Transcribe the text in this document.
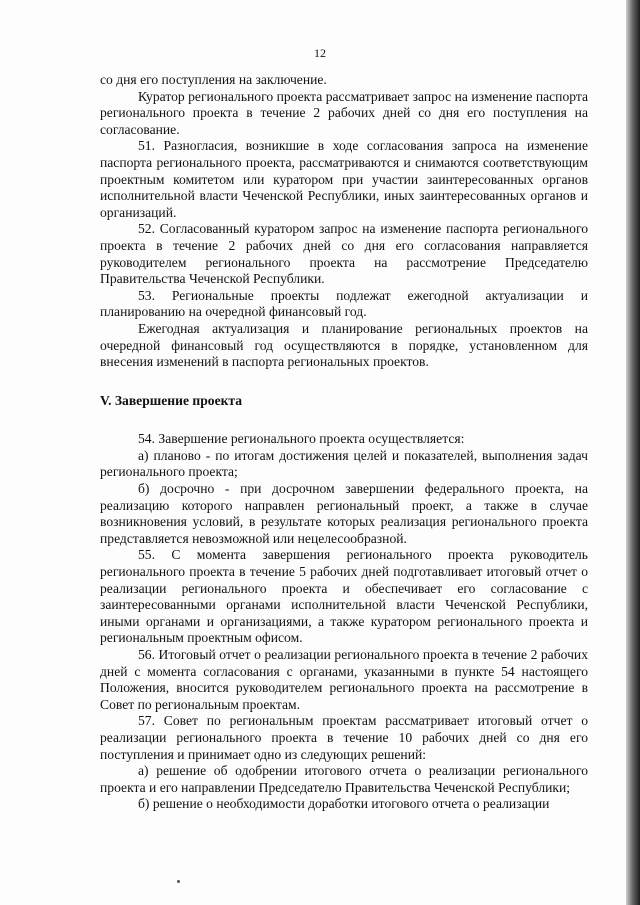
12

со дня его поступления на заключение.

Куратор регионального проекта рассматривает запрос на изменение паспорта регионального проекта в течение 2 рабочих дней со дня его поступления на согласование.

51. Разногласия, возникшие в ходе согласования запроса на изменение паспорта регионального проекта, рассматриваются и снимаются соответствующим проектным комитетом или куратором при участии заинтересованных органов исполнительной власти Чеченской Республики, иных заинтересованных органов и организаций.

52. Согласованный куратором запрос на изменение паспорта регионального проекта в течение 2 рабочих дней со дня его согласования направляется руководителем регионального проекта на рассмотрение Председателю Правительства Чеченской Республики.

53. Региональные проекты подлежат ежегодной актуализации и планированию на очередной финансовый год.

Ежегодная актуализация и планирование региональных проектов на очередной финансовый год осуществляются в порядке, установленном для внесения изменений в паспорта региональных проектов.

V. Завершение проекта

54. Завершение регионального проекта осуществляется:

а) планово - по итогам достижения целей и показателей, выполнения задач регионального проекта;

б) досрочно - при досрочном завершении федерального проекта, на реализацию которого направлен региональный проект, а также в случае возникновения условий, в результате которых реализация регионального проекта представляется невозможной или нецелесообразной.

55. С момента завершения регионального проекта руководитель регионального проекта в течение 5 рабочих дней подготавливает итоговый отчет о реализации регионального проекта и обеспечивает его согласование с заинтересованными органами исполнительной власти Чеченской Республики, иными органами и организациями, а также куратором регионального проекта и региональным проектным офисом.

56. Итоговый отчет о реализации регионального проекта в течение 2 рабочих дней с момента согласования с органами, указанными в пункте 54 настоящего Положения, вносится руководителем регионального проекта на рассмотрение в Совет по региональным проектам.

57. Совет по региональным проектам рассматривает итоговый отчет о реализации регионального проекта в течение 10 рабочих дней со дня его поступления и принимает одно из следующих решений:

а) решение об одобрении итогового отчета о реализации регионального проекта и его направлении Председателю Правительства Чеченской Республики;

б) решение о необходимости доработки итогового отчета о реализации
